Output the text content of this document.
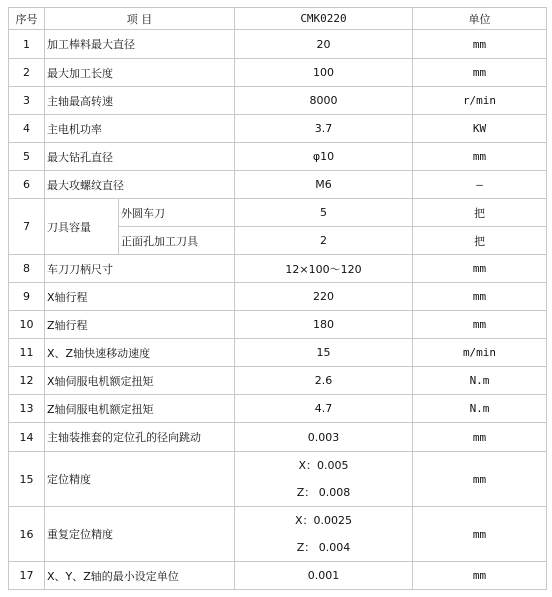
序号	项 目		CMK0220	单位
1	加工棒料最大直径		20	mm
2	最大加工长度		100	mm
3	主轴最高转速		8000	r/min
4	主电机功率		3.7	KW
5	最大钻孔直径		φ10	mm
6	最大攻螺纹直径		M6	—
7	刀具容量	外圆车刀	5	把
		正面孔加工刀具	2	把
8	车刀刀柄尺寸		12×100～120	mm
9	X轴行程		220	mm
10	Z轴行程		180	mm
11	X、Z轴快速移动速度		15	m/min
12	X轴伺服电机额定扭矩		2.6	N.m
13	Z轴伺服电机额定扭矩		4.7	N.m
14	主轴装推套的定位孔的径向跳动		0.003	mm
15	定位精度		X：0.005
Z： 0.008	mm
16	重复定位精度		X：0.0025
Z： 0.004	mm
17	X、Y、Z轴的最小设定单位		0.001	mm
